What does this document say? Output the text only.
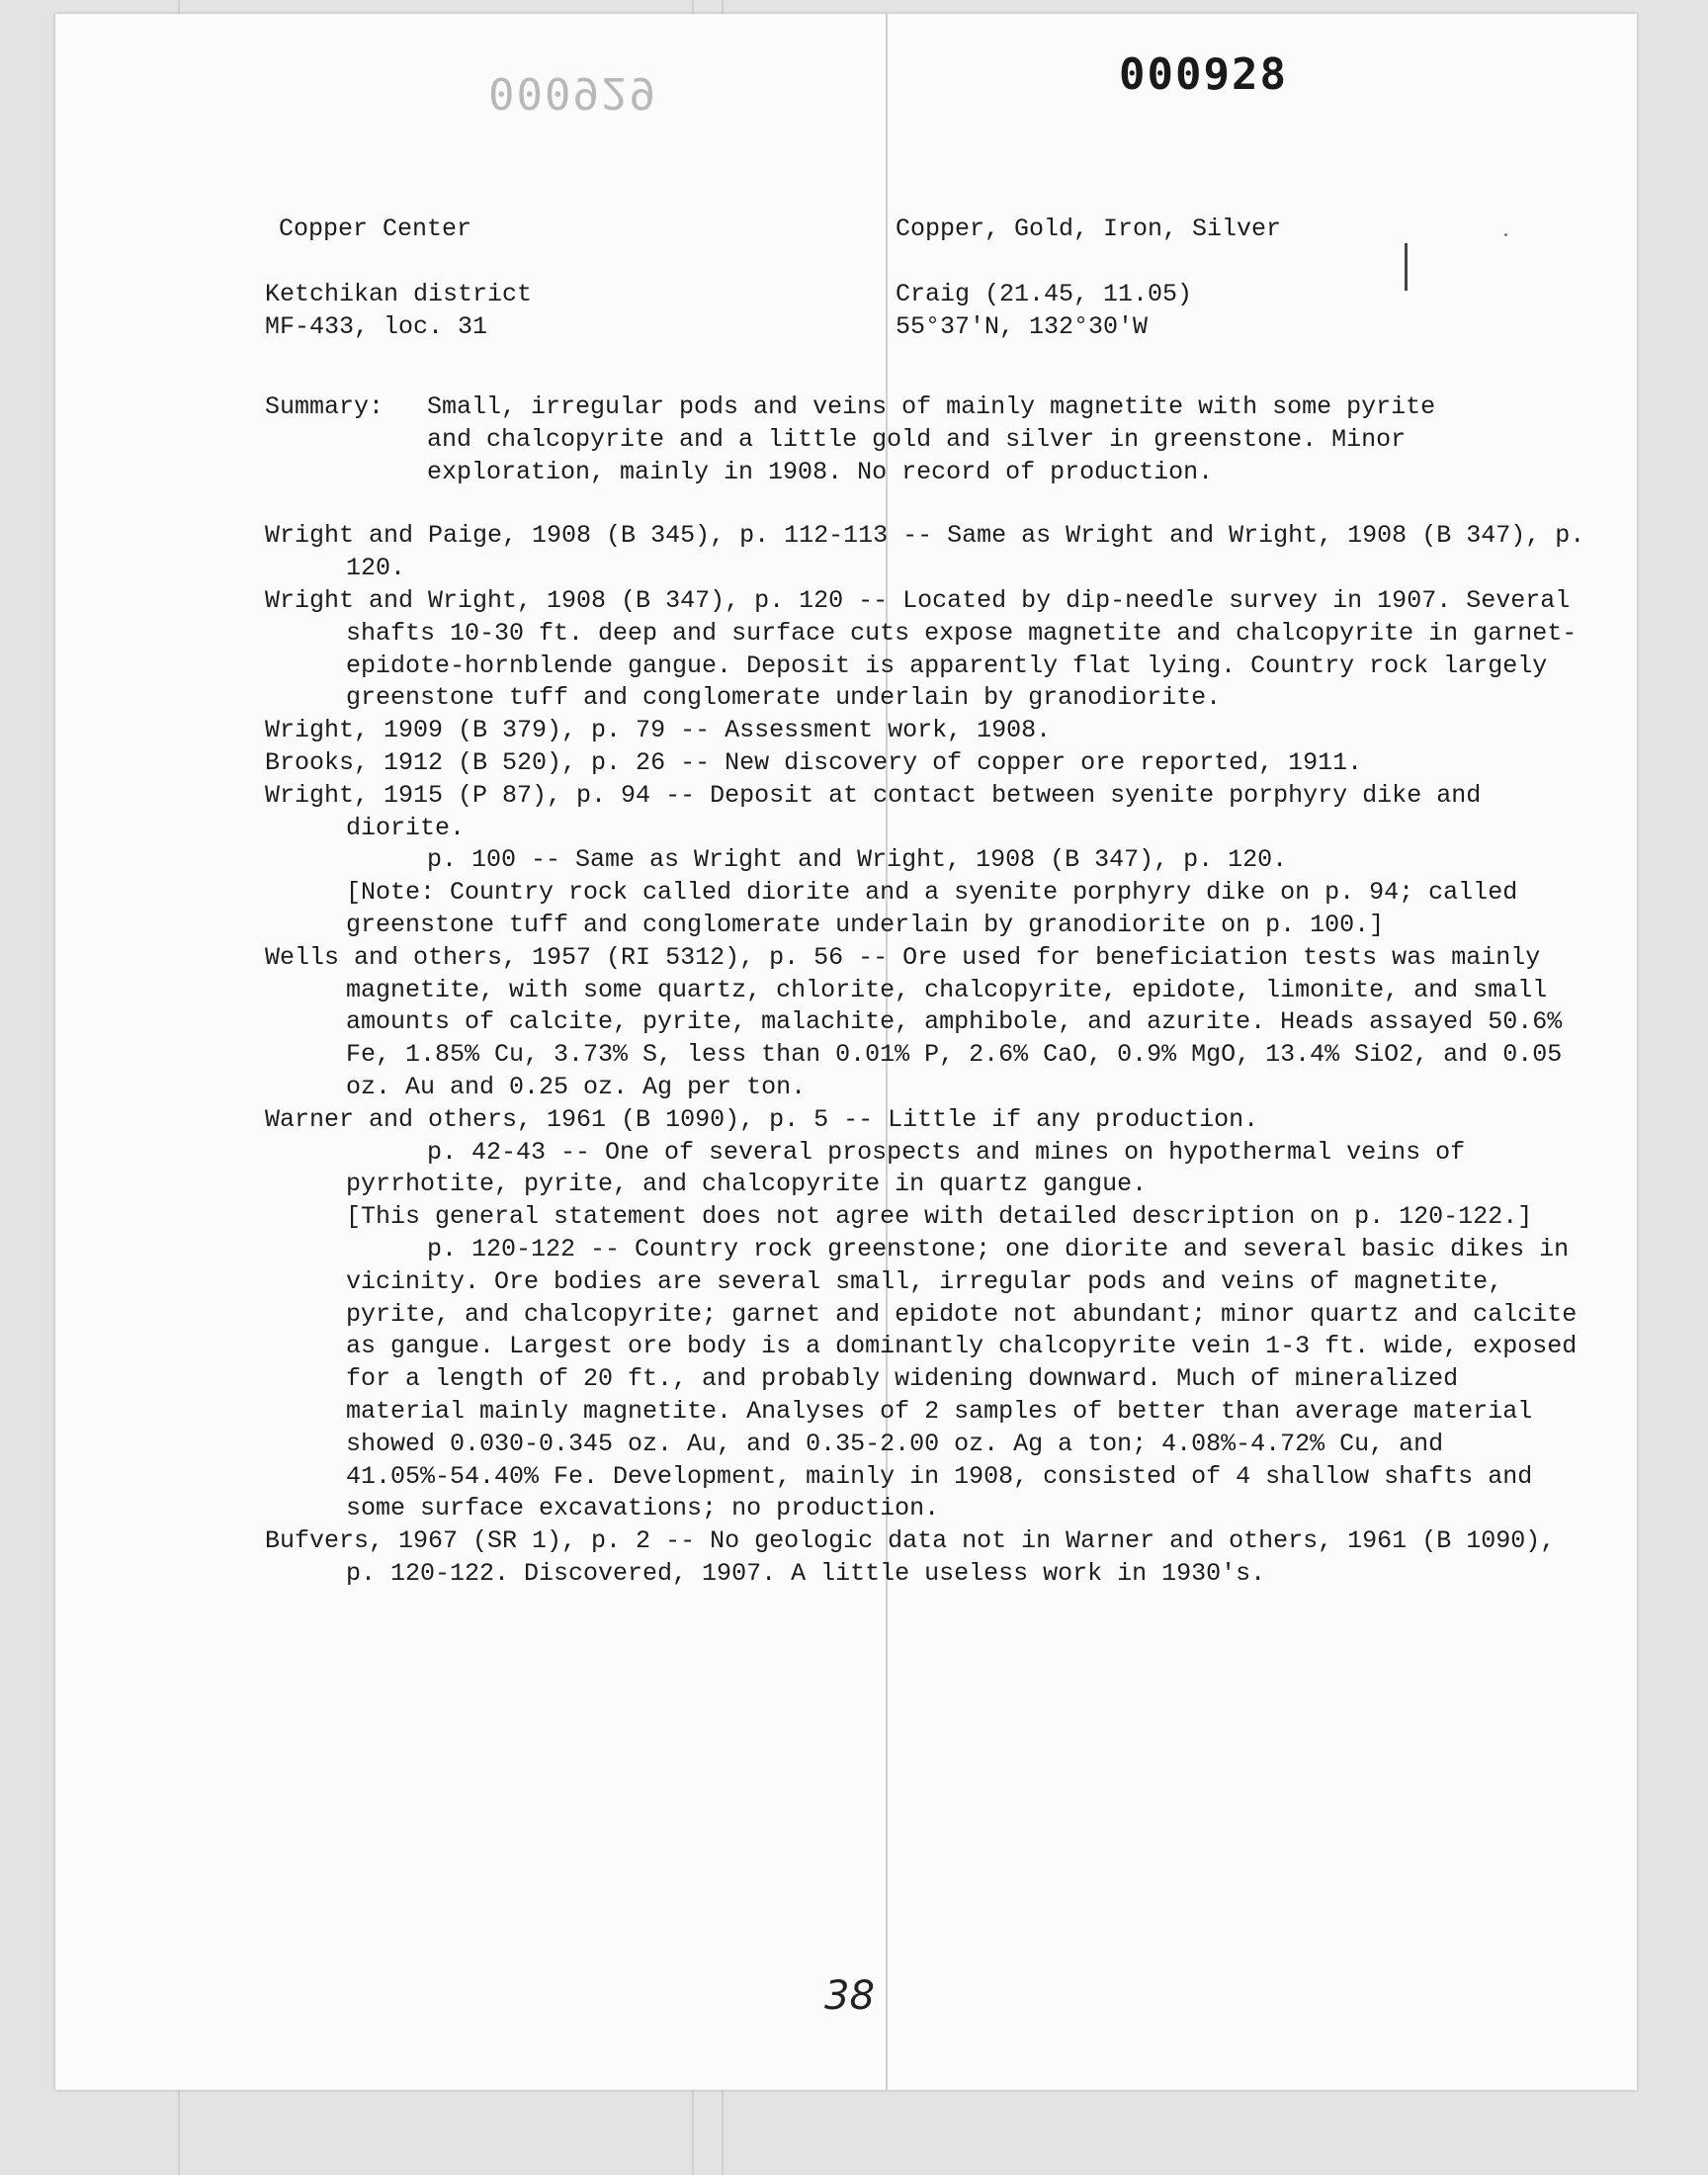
000929	000928
Copper Center	Copper, Gold, Iron, Silver
Ketchikan district	Craig (21.45, 11.05)
MF-433, loc. 31	55°37'N, 132°30'W
Summary:	Small, irregular pods and veins of mainly magnetite with some pyrite and chalcopyrite and a little gold and silver in greenstone. Minor exploration, mainly in 1908. No record of production.
Wright and Paige, 1908 (B 345), p. 112-113 -- Same as Wright and Wright, 1908 (B 347), p. 120.
Wright and Wright, 1908 (B 347), p. 120 -- Located by dip-needle survey in 1907. Several shafts 10-30 ft. deep and surface cuts expose magnetite and chalcopyrite in garnet-epidote-hornblende gangue. Deposit is apparently flat lying. Country rock largely greenstone tuff and conglomerate underlain by granodiorite.
Wright, 1909 (B 379), p. 79 -- Assessment work, 1908.
Brooks, 1912 (B 520), p. 26 -- New discovery of copper ore reported, 1911.
Wright, 1915 (P 87), p. 94 -- Deposit at contact between syenite porphyry dike and diorite.
p. 100 -- Same as Wright and Wright, 1908 (B 347), p. 120.
[Note: Country rock called diorite and a syenite porphyry dike on p. 94; called greenstone tuff and conglomerate underlain by granodiorite on p. 100.]
Wells and others, 1957 (RI 5312), p. 56 -- Ore used for beneficiation tests was mainly magnetite, with some quartz, chlorite, chalcopyrite, epidote, limonite, and small amounts of calcite, pyrite, malachite, amphibole, and azurite. Heads assayed 50.6% Fe, 1.85% Cu, 3.73% S, less than 0.01% P, 2.6% CaO, 0.9% MgO, 13.4% SiO2, and 0.05 oz. Au and 0.25 oz. Ag per ton.
Warner and others, 1961 (B 1090), p. 5 -- Little if any production.
p. 42-43 -- One of several prospects and mines on hypothermal veins of pyrrhotite, pyrite, and chalcopyrite in quartz gangue.
[This general statement does not agree with detailed description on p. 120-122.]
p. 120-122 -- Country rock greenstone; one diorite and several basic dikes in vicinity. Ore bodies are several small, irregular pods and veins of magnetite, pyrite, and chalcopyrite; garnet and epidote not abundant; minor quartz and calcite as gangue. Largest ore body is a dominantly chalcopyrite vein 1-3 ft. wide, exposed for a length of 20 ft., and probably widening downward. Much of mineralized material mainly magnetite. Analyses of 2 samples of better than average material showed 0.030-0.345 oz. Au, and 0.35-2.00 oz. Ag a ton; 4.08%-4.72% Cu, and 41.05%-54.40% Fe. Development, mainly in 1908, consisted of 4 shallow shafts and some surface excavations; no production.
Bufvers, 1967 (SR 1), p. 2 -- No geologic data not in Warner and others, 1961 (B 1090), p. 120-122. Discovered, 1907. A little useless work in 1930's.
38
